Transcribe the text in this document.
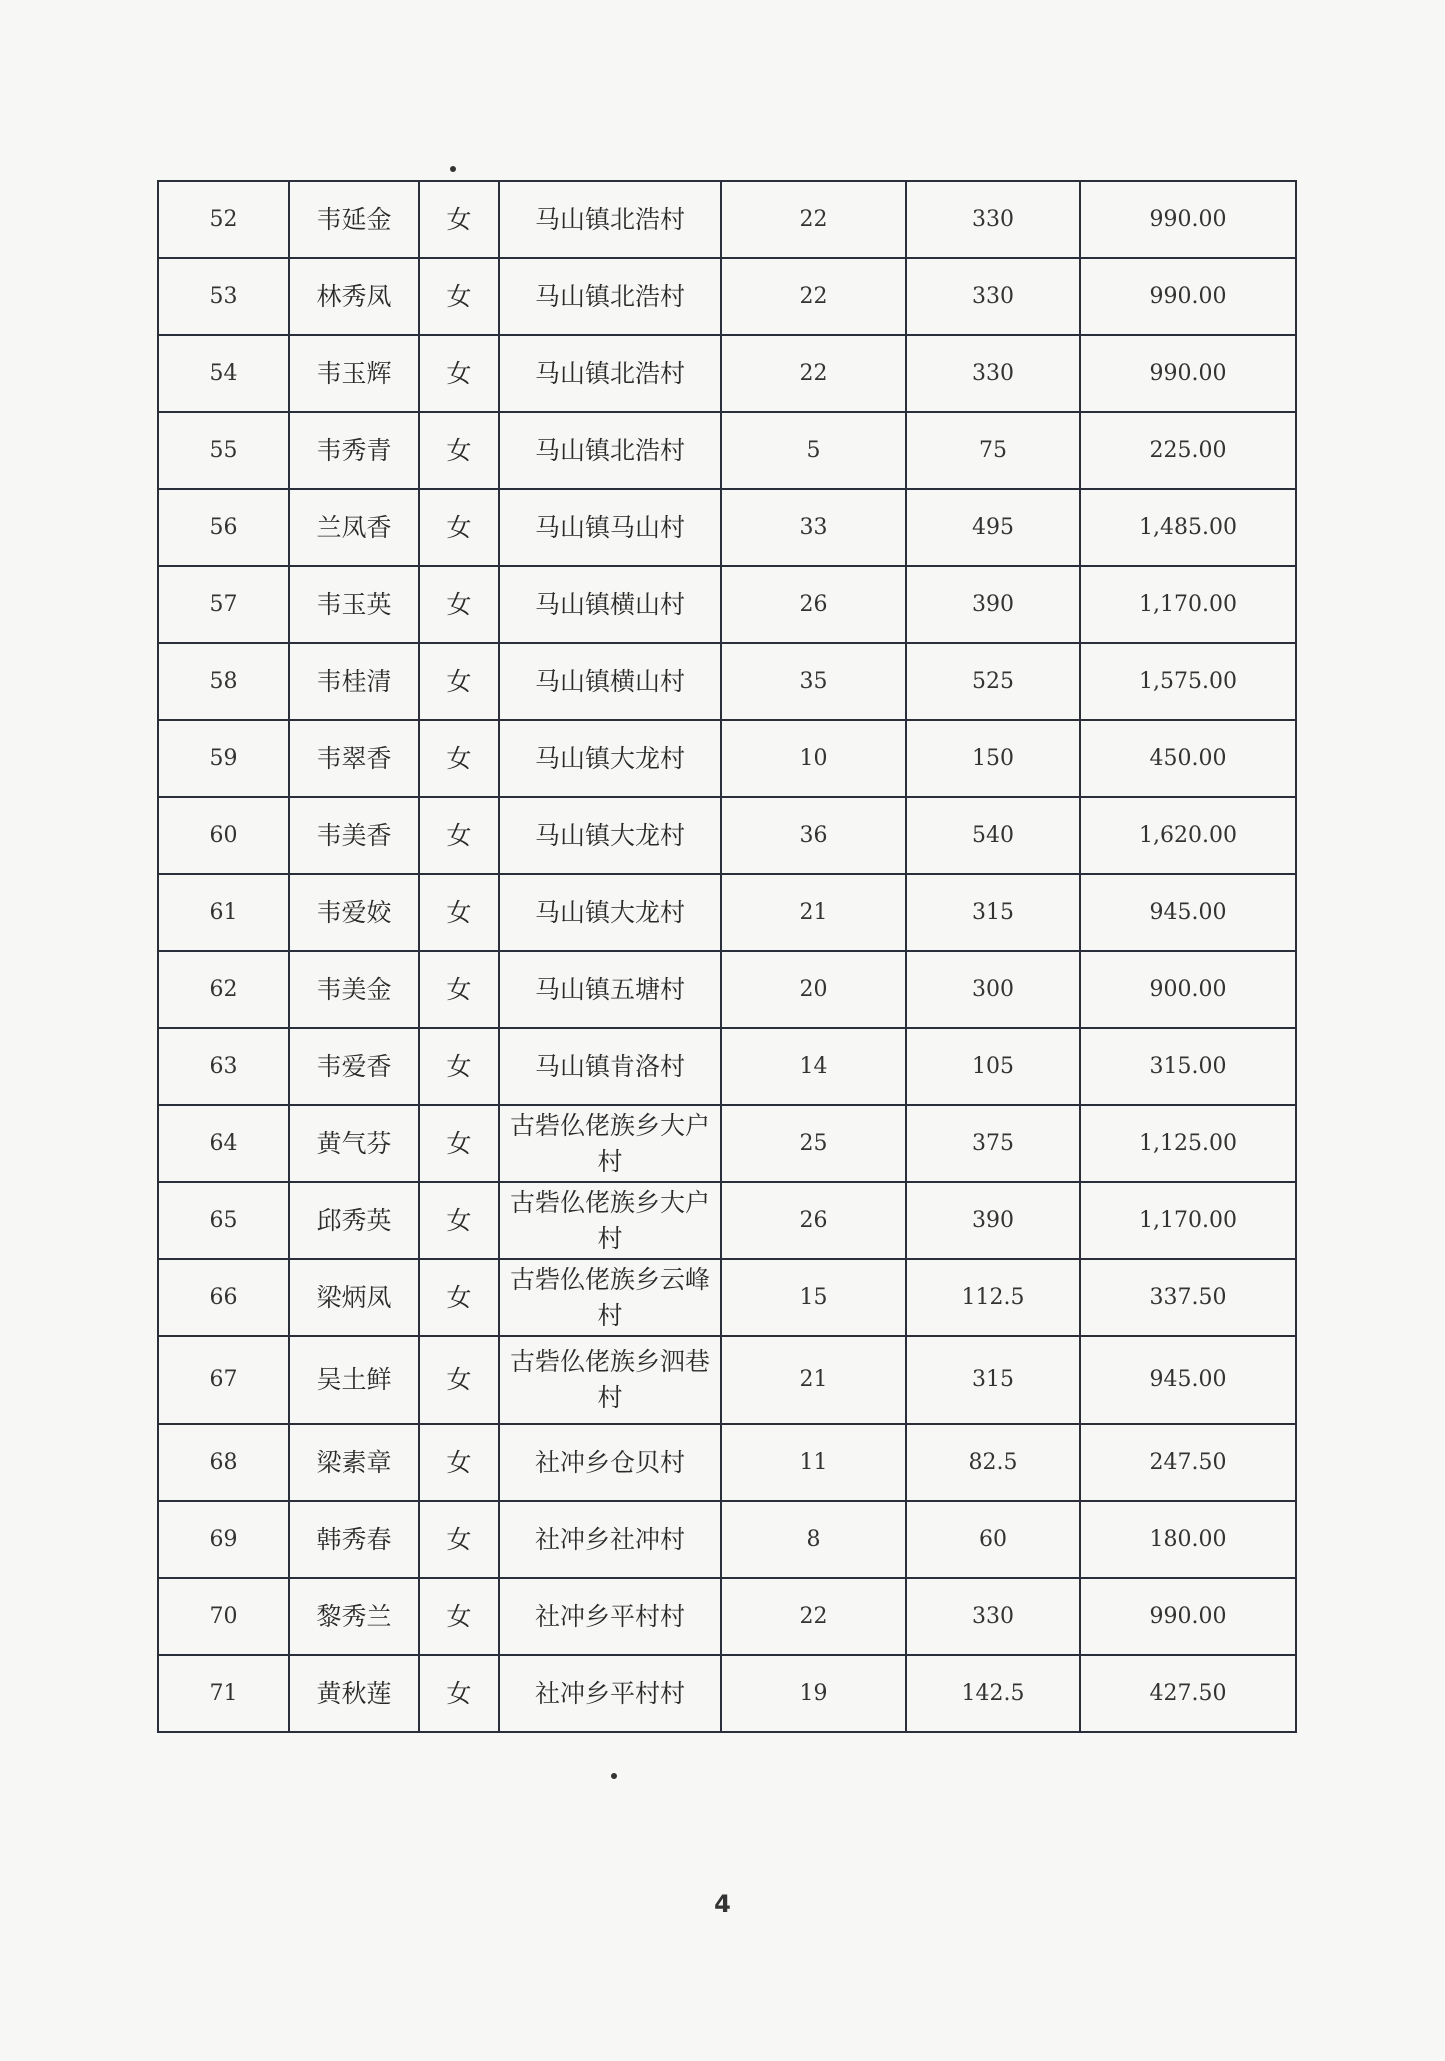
52	韦延金	女	马山镇北浩村	22	330	990.00
53	林秀凤	女	马山镇北浩村	22	330	990.00
54	韦玉辉	女	马山镇北浩村	22	330	990.00
55	韦秀青	女	马山镇北浩村	5	75	225.00
56	兰凤香	女	马山镇马山村	33	495	1,485.00
57	韦玉英	女	马山镇横山村	26	390	1,170.00
58	韦桂清	女	马山镇横山村	35	525	1,575.00
59	韦翠香	女	马山镇大龙村	10	150	450.00
60	韦美香	女	马山镇大龙村	36	540	1,620.00
61	韦爱姣	女	马山镇大龙村	21	315	945.00
62	韦美金	女	马山镇五塘村	20	300	900.00
63	韦爱香	女	马山镇肯洛村	14	105	315.00
64	黄气芬	女	古砦仫佬族乡大户村	25	375	1,125.00
65	邱秀英	女	古砦仫佬族乡大户村	26	390	1,170.00
66	梁炳凤	女	古砦仫佬族乡云峰村	15	112.5	337.50
67	吴土鲜	女	古砦仫佬族乡泗巷村	21	315	945.00
68	梁素章	女	社冲乡仓贝村	11	82.5	247.50
69	韩秀春	女	社冲乡社冲村	8	60	180.00
70	黎秀兰	女	社冲乡平村村	22	330	990.00
71	黄秋莲	女	社冲乡平村村	19	142.5	427.50
4
